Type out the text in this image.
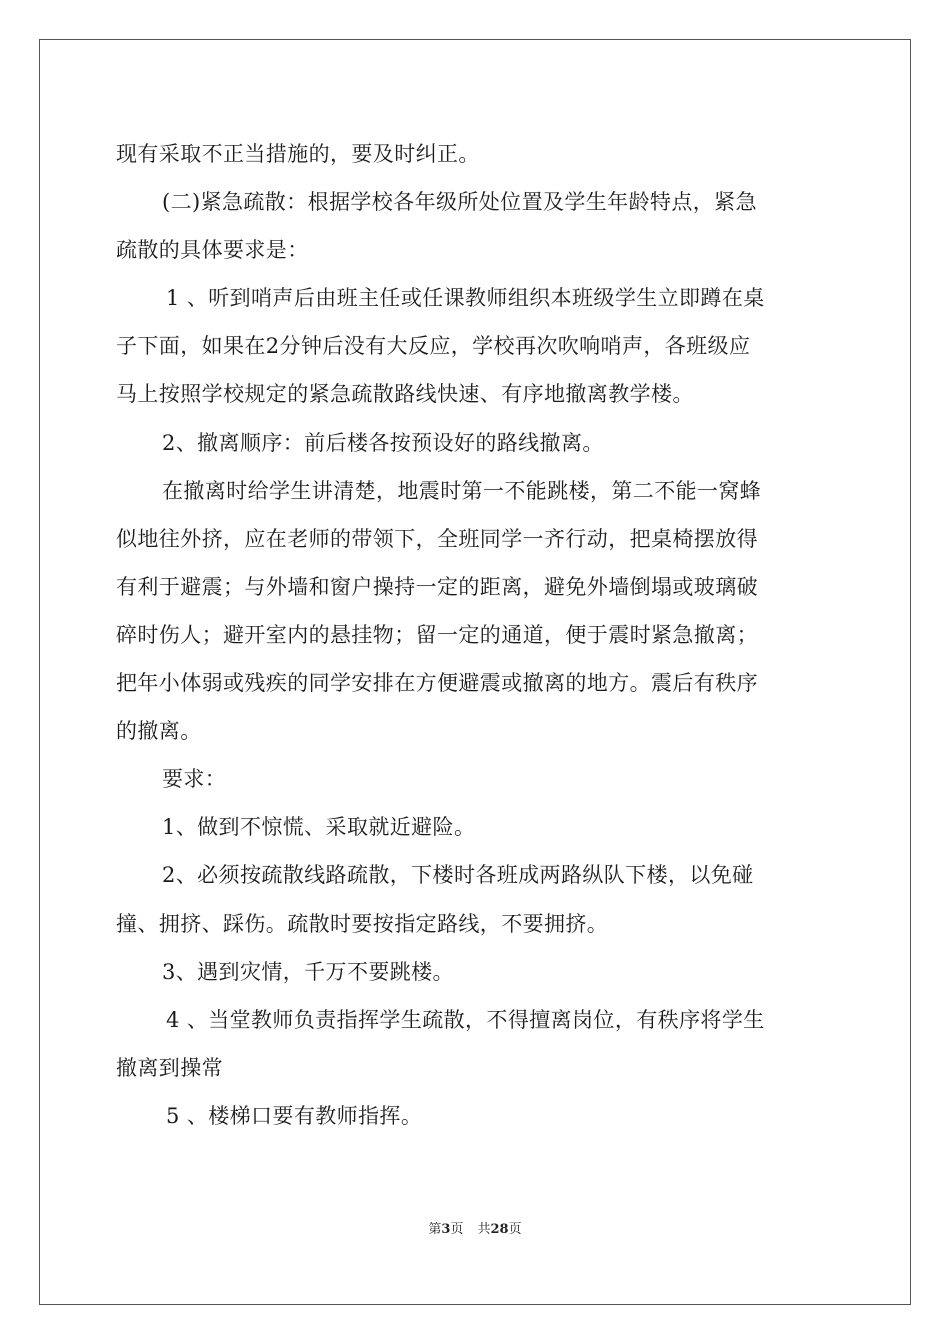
现有采取不正当措施的，要及时纠正。
(二)紧急疏散：根据学校各年级所处位置及学生年龄特点，紧急
疏散的具体要求是：
1 、听到哨声后由班主任或任课教师组织本班级学生立即蹲在桌
子下面，如果在2分钟后没有大反应，学校再次吹响哨声，各班级应
马上按照学校规定的紧急疏散路线快速、有序地撤离教学楼。
2、撤离顺序：前后楼各按预设好的路线撤离。
在撤离时给学生讲清楚，地震时第一不能跳楼，第二不能一窝蜂
似地往外挤，应在老师的带领下，全班同学一齐行动，把桌椅摆放得
有利于避震；与外墙和窗户操持一定的距离，避免外墙倒塌或玻璃破
碎时伤人；避开室内的悬挂物；留一定的通道，便于震时紧急撤离；
把年小体弱或残疾的同学安排在方便避震或撤离的地方。震后有秩序
的撤离。
要求：
1、做到不惊慌、采取就近避险。
2、必须按疏散线路疏散，下楼时各班成两路纵队下楼，以免碰
撞、拥挤、踩伤。疏散时要按指定路线，不要拥挤。
3、遇到灾情，千万不要跳楼。
4 、当堂教师负责指挥学生疏散，不得擅离岗位，有秩序将学生
撤离到操常
5 、楼梯口要有教师指挥。
第3页 共28页
